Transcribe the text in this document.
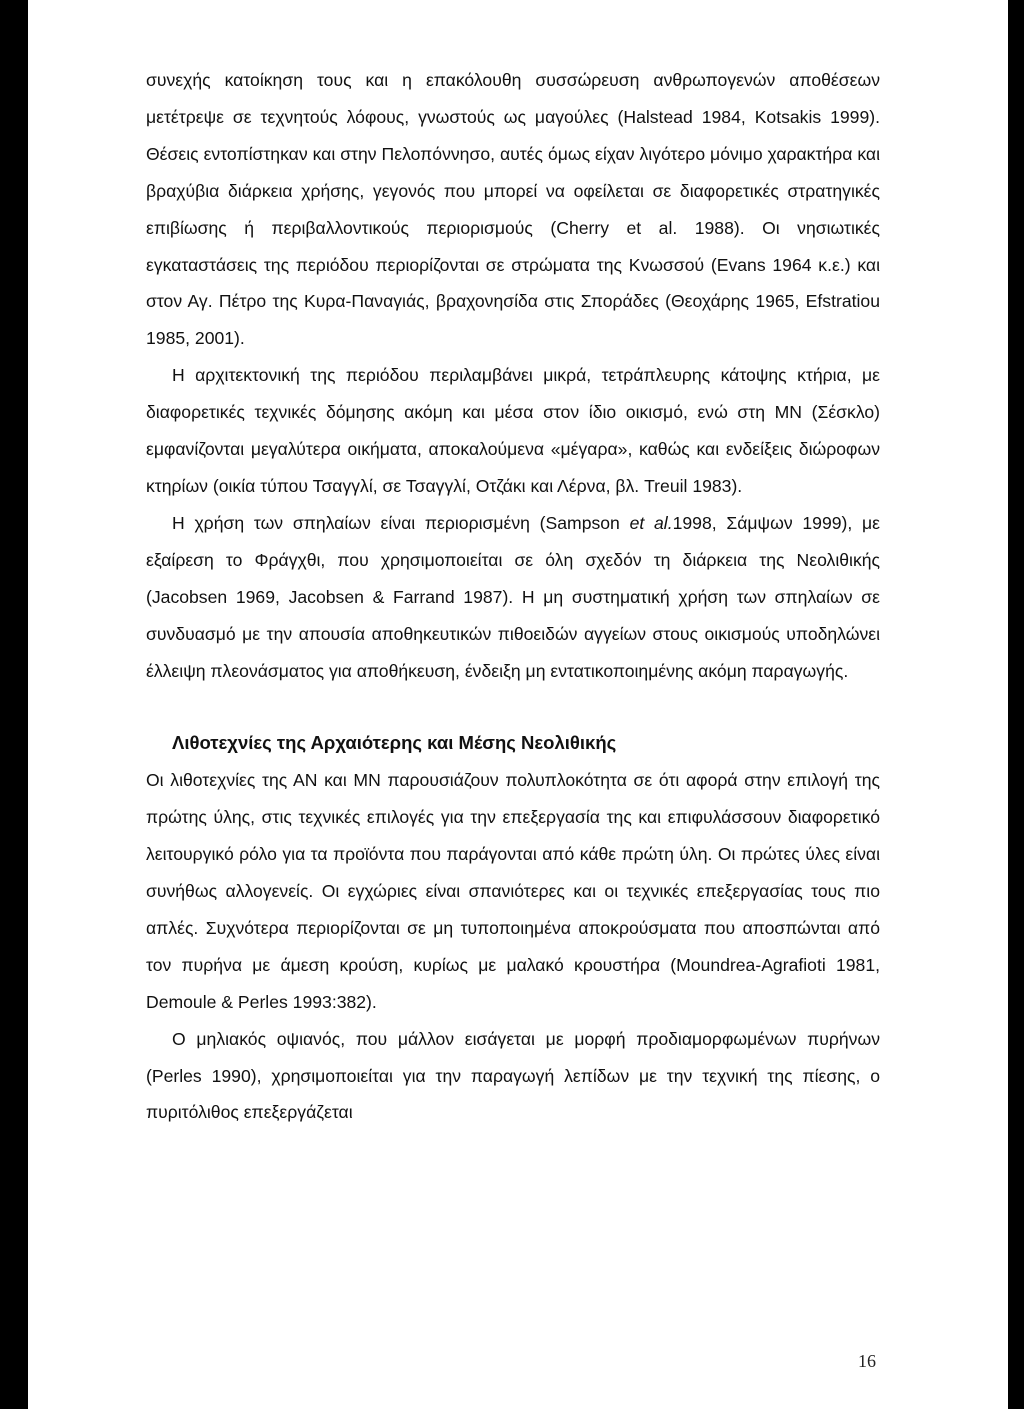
συνεχής κατοίκηση τους και η επακόλουθη συσσώρευση ανθρωπογενών αποθέσεων μετέτρεψε σε τεχνητούς λόφους, γνωστούς ως μαγούλες (Halstead 1984, Kotsakis 1999). Θέσεις εντοπίστηκαν και στην Πελοπόννησο, αυτές όμως είχαν λιγότερο μόνιμο χαρακτήρα και βραχύβια διάρκεια χρήσης, γεγονός που μπορεί να οφείλεται σε διαφορετικές στρατηγικές επιβίωσης ή περιβαλλοντικούς περιορισμούς (Cherry et al. 1988). Οι νησιωτικές εγκαταστάσεις της περιόδου περιορίζονται σε στρώματα της Κνωσσού (Evans 1964 κ.ε.) και στον Αγ. Πέτρο της Κυρα-Παναγιάς, βραχονησίδα στις Σποράδες (Θεοχάρης 1965, Efstratiou 1985, 2001).

Η αρχιτεκτονική της περιόδου περιλαμβάνει μικρά, τετράπλευρης κάτοψης κτήρια, με διαφορετικές τεχνικές δόμησης ακόμη και μέσα στον ίδιο οικισμό, ενώ στη ΜΝ (Σέσκλο) εμφανίζονται μεγαλύτερα οικήματα, αποκαλούμενα «μέγαρα», καθώς και ενδείξεις διώροφων κτηρίων (οικία τύπου Τσαγγλί, σε Τσαγγλί, Οτζάκι και Λέρνα, βλ. Treuil 1983).

Η χρήση των σπηλαίων είναι περιορισμένη (Sampson et al.1998, Σάμψων 1999), με εξαίρεση το Φράγχθι, που χρησιμοποιείται σε όλη σχεδόν τη διάρκεια της Νεολιθικής (Jacobsen 1969, Jacobsen & Farrand 1987). Η μη συστηματική χρήση των σπηλαίων σε συνδυασμό με την απουσία αποθηκευτικών πιθοειδών αγγείων στους οικισμούς υποδηλώνει έλλειψη πλεονάσματος για αποθήκευση, ένδειξη μη εντατικοποιημένης ακόμη παραγωγής.

Λιθοτεχνίες της Αρχαιότερης και Μέσης Νεολιθικής

Οι λιθοτεχνίες της ΑΝ και ΜΝ παρουσιάζουν πολυπλοκότητα σε ότι αφορά στην επιλογή της πρώτης ύλης, στις τεχνικές επιλογές για την επεξεργασία της και επιφυλάσσουν διαφορετικό λειτουργικό ρόλο για τα προϊόντα που παράγονται από κάθε πρώτη ύλη. Οι πρώτες ύλες είναι συνήθως αλλογενείς. Οι εγχώριες είναι σπανιότερες και οι τεχνικές επεξεργασίας τους πιο απλές. Συχνότερα περιορίζονται σε μη τυποποιημένα αποκρούσματα που αποσπώνται από τον πυρήνα με άμεση κρούση, κυρίως με μαλακό κρουστήρα (Moundrea-Agrafioti 1981, Demoule & Perles 1993:382).

Ο μηλιακός οψιανός, που μάλλον εισάγεται με μορφή προδιαμορφωμένων πυρήνων (Perles 1990), χρησιμοποιείται για την παραγωγή λεπίδων με την τεχνική της πίεσης, ο πυριτόλιθος επεξεργάζεται

16
